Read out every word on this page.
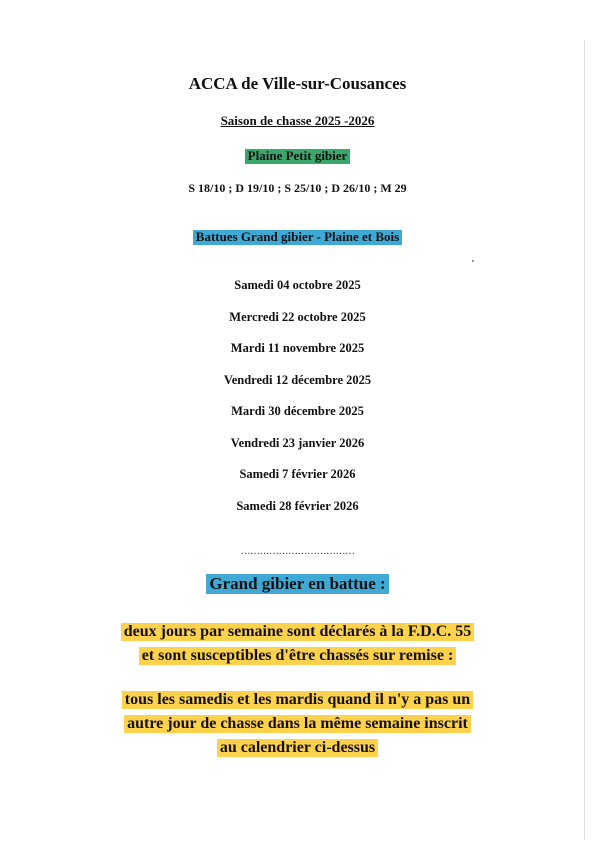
ACCA de Ville-sur-Cousances
Saison de chasse 2025 -2026
Plaine Petit gibier
S 18/10 ; D 19/10 ; S 25/10 ; D 26/10 ; M 29
Battues Grand gibier - Plaine et Bois
Samedi 04 octobre 2025
Mercredi 22 octobre 2025
Mardi 11 novembre 2025
Vendredi 12 décembre 2025
Mardi 30 décembre 2025
Vendredi 23 janvier 2026
Samedi 7 février 2026
Samedi 28 février 2026
………………………………
Grand gibier en battue :
deux jours par semaine sont déclarés à la F.D.C. 55
et sont susceptibles d'être chassés sur remise :
tous les samedis et les mardis quand il n'y a pas un
autre jour de chasse dans la même semaine inscrit
au calendrier ci-dessus
